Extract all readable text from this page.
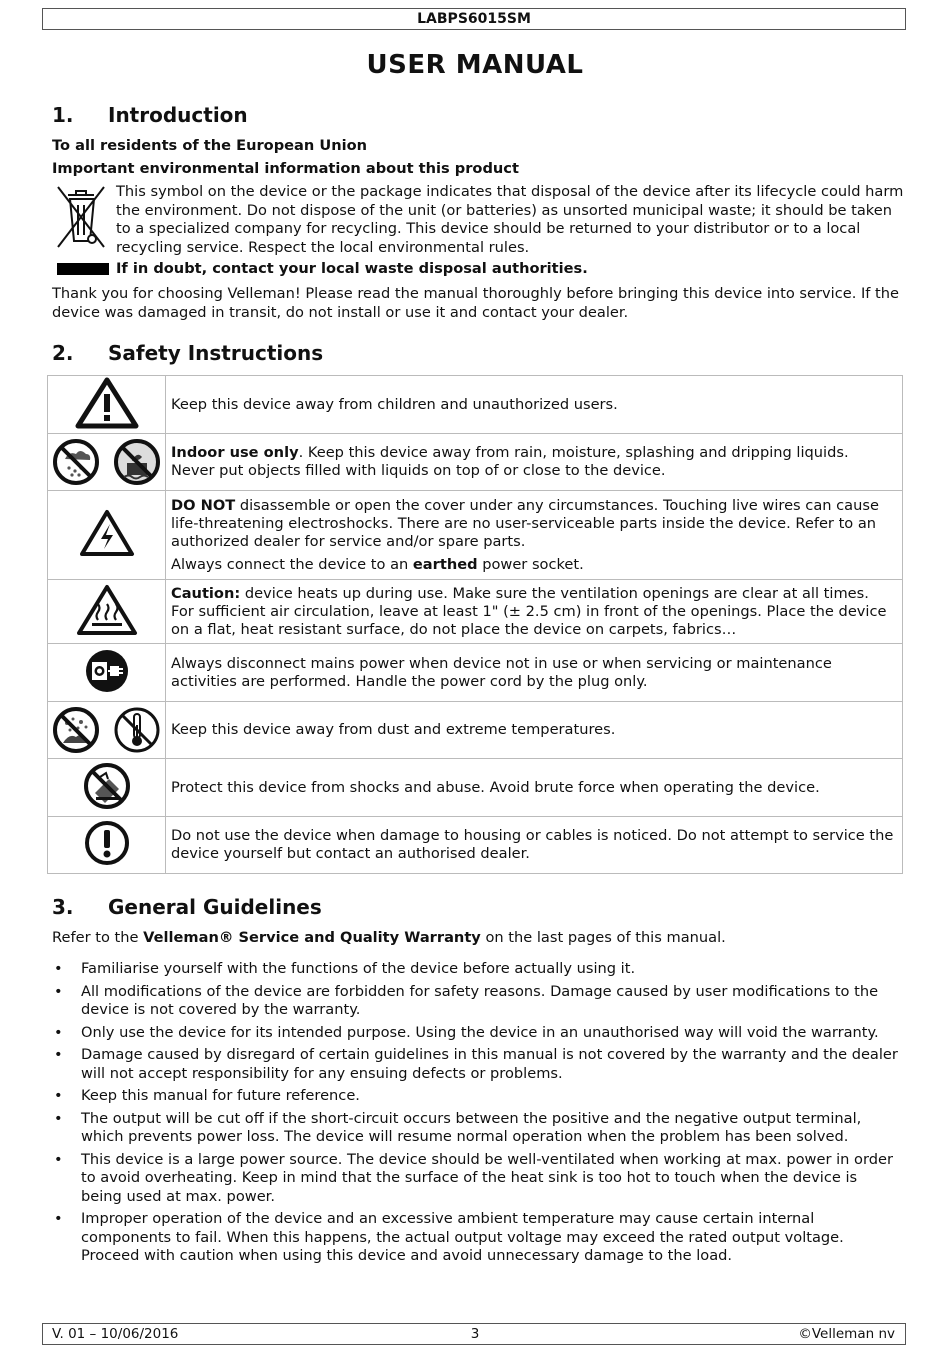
LABPS6015SM
USER MANUAL
1. Introduction
To all residents of the European Union
Important environmental information about this product

This symbol on the device or the package indicates that disposal of the device after its lifecycle could harm the environment. Do not dispose of the unit (or batteries) as unsorted municipal waste; it should be taken to a specialized company for recycling. This device should be returned to your distributor or to a local recycling service. Respect the local environmental rules.

If in doubt, contact your local waste disposal authorities.

Thank you for choosing Velleman! Please read the manual thoroughly before bringing this device into service. If the device was damaged in transit, do not install or use it and contact your dealer.

2. Safety Instructions

Keep this device away from children and unauthorized users.

Indoor use only. Keep this device away from rain, moisture, splashing and dripping liquids. Never put objects filled with liquids on top of or close to the device.

DO NOT disassemble or open the cover under any circumstances. Touching live wires can cause life-threatening electroshocks. There are no user-serviceable parts inside the device. Refer to an authorized dealer for service and/or spare parts.

Always connect the device to an earthed power socket.

Caution: device heats up during use. Make sure the ventilation openings are clear at all times. For sufficient air circulation, leave at least 1" (± 2.5 cm) in front of the openings. Place the device on a flat, heat resistant surface, do not place the device on carpets, fabrics…

Always disconnect mains power when device not in use or when servicing or maintenance activities are performed. Handle the power cord by the plug only.

Keep this device away from dust and extreme temperatures.

Protect this device from shocks and abuse. Avoid brute force when operating the device.

Do not use the device when damage to housing or cables is noticed. Do not attempt to service the device yourself but contact an authorised dealer.

3. General Guidelines

Refer to the Velleman® Service and Quality Warranty on the last pages of this manual.

• Familiarise yourself with the functions of the device before actually using it.
• All modifications of the device are forbidden for safety reasons. Damage caused by user modifications to the device is not covered by the warranty.
• Only use the device for its intended purpose. Using the device in an unauthorised way will void the warranty.
• Damage caused by disregard of certain guidelines in this manual is not covered by the warranty and the dealer will not accept responsibility for any ensuing defects or problems.
• Keep this manual for future reference.
• The output will be cut off if the short-circuit occurs between the positive and the negative output terminal, which prevents power loss. The device will resume normal operation when the problem has been solved.
• This device is a large power source. The device should be well-ventilated when working at max. power in order to avoid overheating. Keep in mind that the surface of the heat sink is too hot to touch when the device is being used at max. power.
• Improper operation of the device and an excessive ambient temperature may cause certain internal components to fail. When this happens, the actual output voltage may exceed the rated output voltage. Proceed with caution when using this device and avoid unnecessary damage to the load.
V. 01 – 10/06/2016	3	©Velleman nv
